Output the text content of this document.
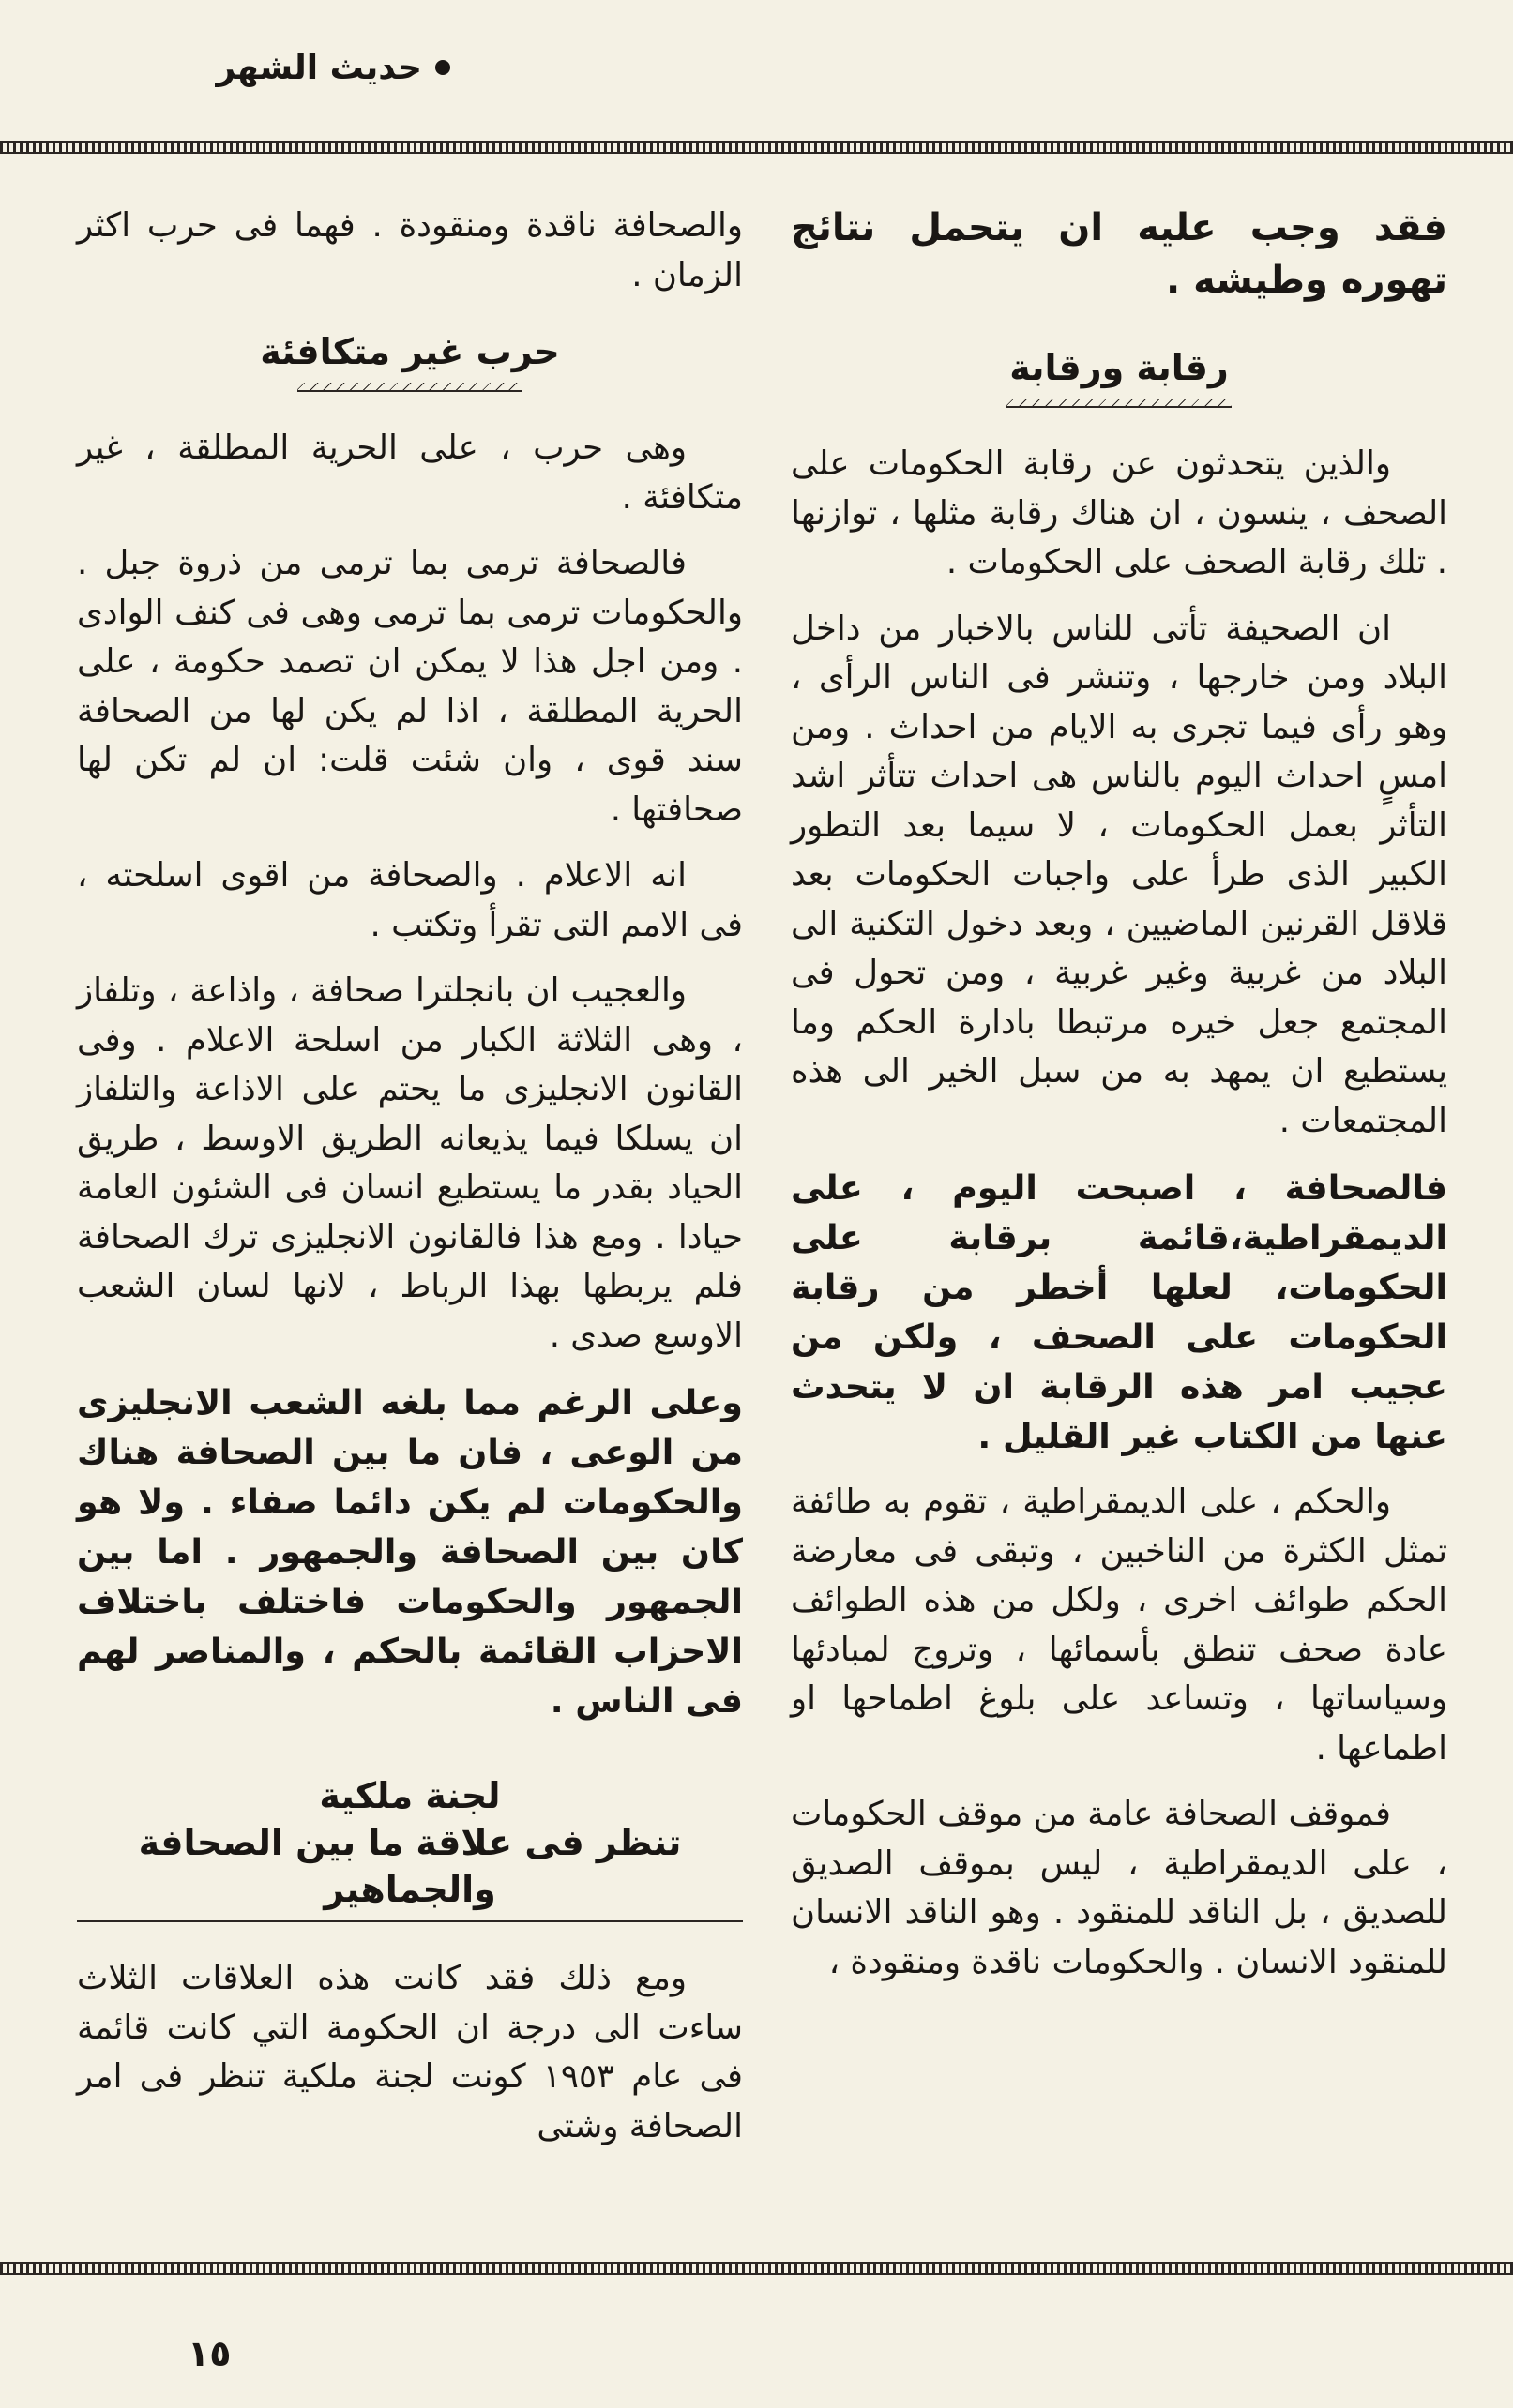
حديث الشهر

فقد وجب عليه ان يتحمل نتائج تهوره وطيشه .

رقابة ورقابة

والذين يتحدثون عن رقابة الحكومات على الصحف ، ينسون ، ان هناك رقابة مثلها ، توازنها . تلك رقابة الصحف على الحكومات .

ان الصحيفة تأتى للناس بالاخبار من داخل البلاد ومن خارجها ، وتنشر فى الناس الرأى ، وهو رأى فيما تجرى به الايام من احداث . ومن امسٍ احداث اليوم بالناس هى احداث تتأثر اشد التأثر بعمل الحكومات ، لا سيما بعد التطور الكبير الذى طرأ على واجبات الحكومات بعد قلاقل القرنين الماضيين ، وبعد دخول التكنية الى البلاد من غربية وغير غربية ، ومن تحول فى المجتمع جعل خيره مرتبطا بادارة الحكم وما يستطيع ان يمهد به من سبل الخير الى هذه المجتمعات .

فالصحافة ، اصبحت اليوم ، على الديمقراطية،قائمة برقابة على الحكومات، لعلها أخطر من رقابة الحكومات على الصحف ، ولكن من عجيب امر هذه الرقابة ان لا يتحدث عنها من الكتاب غير القليل .

والحكم ، على الديمقراطية ، تقوم به طائفة تمثل الكثرة من الناخبين ، وتبقى فى معارضة الحكم طوائف اخرى ، ولكل من هذه الطوائف عادة صحف تنطق بأسمائها ، وتروج لمبادئها وسياساتها ، وتساعد على بلوغ اطماحها او اطماعها .

فموقف الصحافة عامة من موقف الحكومات ، على الديمقراطية ، ليس بموقف الصديق للصديق ، بل الناقد للمنقود . وهو الناقد الانسان للمنقود الانسان . والحكومات ناقدة ومنقودة ،

والصحافة ناقدة ومنقودة . فهما فى حرب اكثر الزمان .

حرب غير متكافئة

وهى حرب ، على الحرية المطلقة ، غير متكافئة .

فالصحافة ترمى بما ترمى من ذروة جبل . والحكومات ترمى بما ترمى وهى فى كنف الوادى . ومن اجل هذا لا يمكن ان تصمد حكومة ، على الحرية المطلقة ، اذا لم يكن لها من الصحافة سند قوى ، وان شئت قلت: ان لم تكن لها صحافتها .

انه الاعلام . والصحافة من اقوى اسلحته ، فى الامم التى تقرأ وتكتب .

والعجيب ان بانجلترا صحافة ، واذاعة ، وتلفاز ، وهى الثلاثة الكبار من اسلحة الاعلام . وفى القانون الانجليزى ما يحتم على الاذاعة والتلفاز ان يسلكا فيما يذيعانه الطريق الاوسط ، طريق الحياد بقدر ما يستطيع انسان فى الشئون العامة حيادا . ومع هذا فالقانون الانجليزى ترك الصحافة فلم يربطها بهذا الرباط ، لانها لسان الشعب الاوسع صدى .

وعلى الرغم مما بلغه الشعب الانجليزى من الوعى ، فان ما بين الصحافة هناك والحكومات لم يكن دائما صفاء . ولا هو كان بين الصحافة والجمهور . اما بين الجمهور والحكومات فاختلف باختلاف الاحزاب القائمة بالحكم ، والمناصر لهم فى الناس .

لجنة ملكية
تنظر فى علاقة ما بين الصحافة والجماهير

ومع ذلك فقد كانت هذه العلاقات الثلاث ساءت الى درجة ان الحكومة التي كانت قائمة فى عام ١٩٥٣ كونت لجنة ملكية تنظر فى امر الصحافة وشتى

١٥
